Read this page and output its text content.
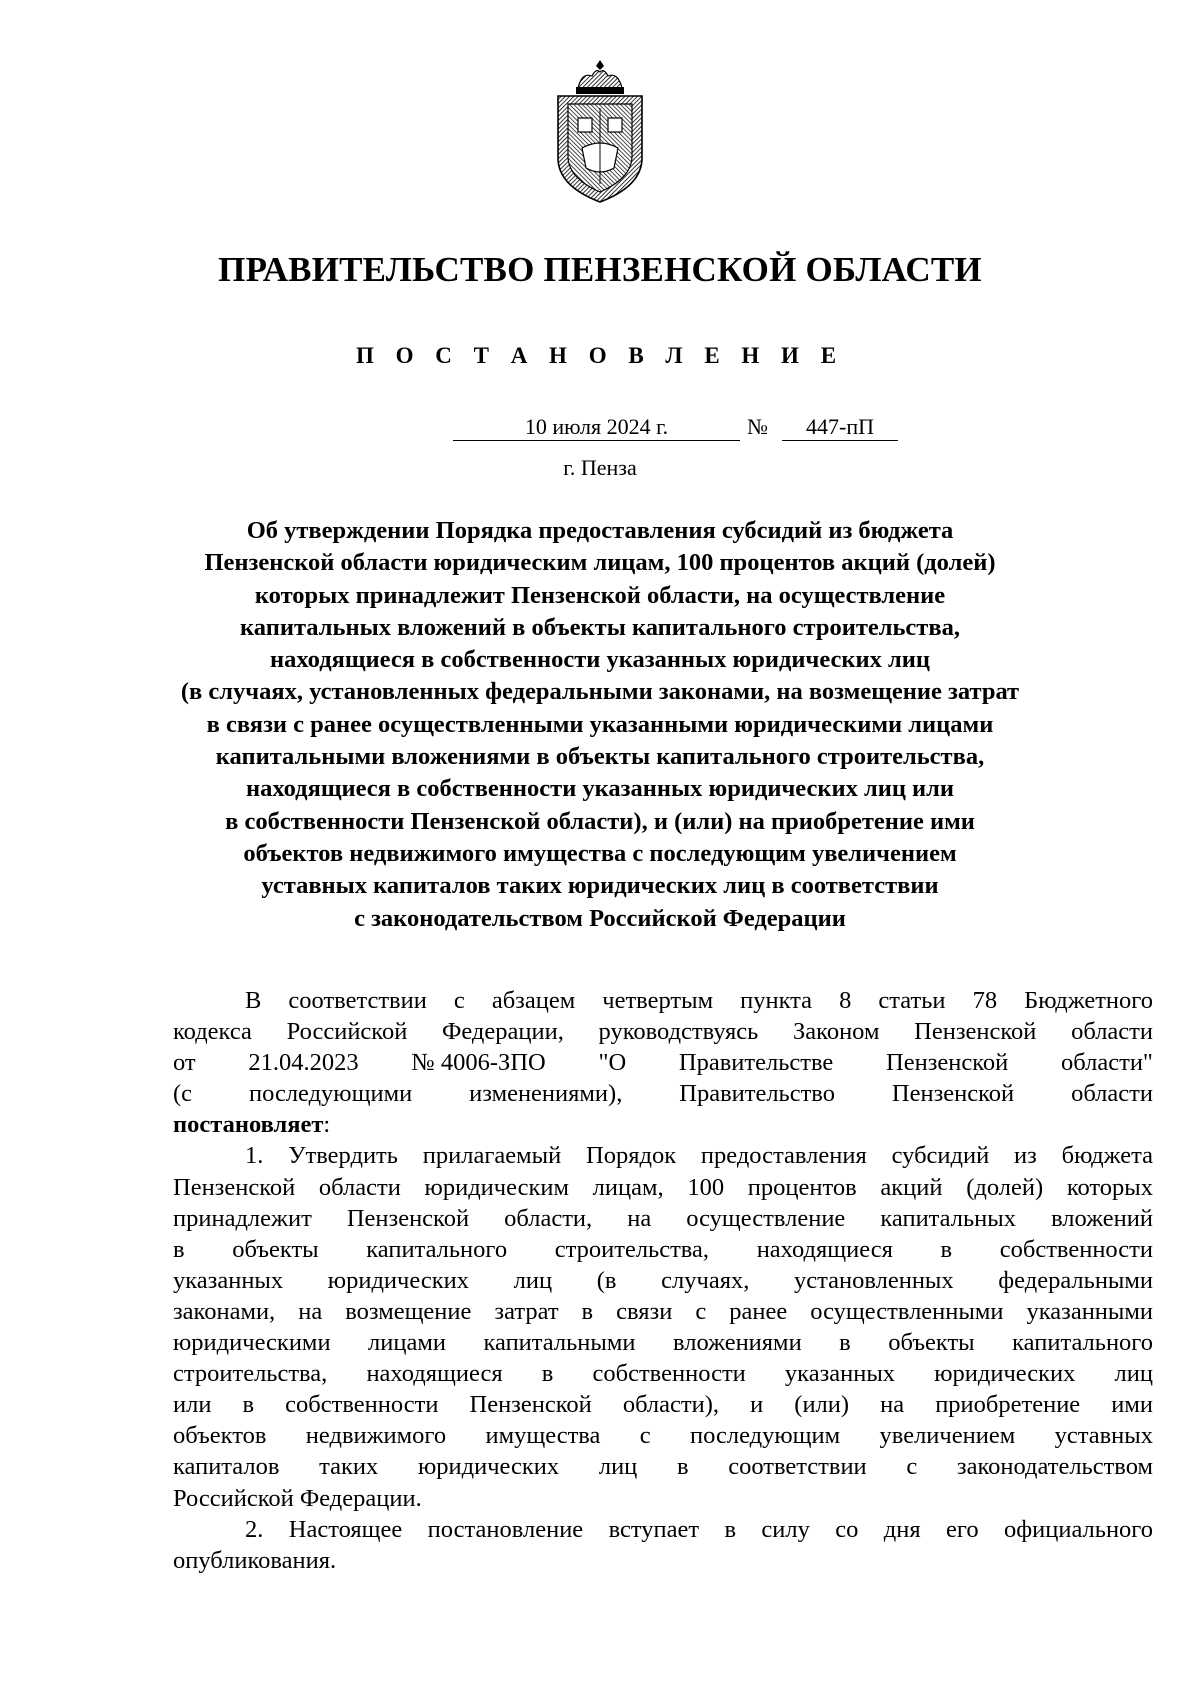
ПРАВИТЕЛЬСТВО ПЕНЗЕНСКОЙ ОБЛАСТИ
П О С Т А Н О В Л Е Н И Е
10 июля 2024 г.	№	447-пП
г. Пенза
Об утверждении Порядка предоставления субсидий из бюджета
Пензенской области юридическим лицам, 100 процентов акций (долей)
которых принадлежит Пензенской области, на осуществление
капитальных вложений в объекты капитального строительства,
находящиеся в собственности указанных юридических лиц
(в случаях, установленных федеральными законами, на возмещение затрат
в связи с ранее осуществленными указанными юридическими лицами
капитальными вложениями в объекты капитального строительства,
находящиеся в собственности указанных юридических лиц или
в собственности Пензенской области), и (или) на приобретение ими
объектов недвижимого имущества с последующим увеличением
уставных капиталов таких юридических лиц в соответствии
с законодательством Российской Федерации
В соответствии с абзацем четвертым пункта 8 статьи 78 Бюджетного
кодекса Российской Федерации, руководствуясь Законом Пензенской области
от 21.04.2023 № 4006-ЗПО "О Правительстве Пензенской области"
(с последующими изменениями), Правительство Пензенской области
постановляет:
1. Утвердить прилагаемый Порядок предоставления субсидий из бюджета
Пензенской области юридическим лицам, 100 процентов акций (долей) которых
принадлежит Пензенской области, на осуществление капитальных вложений
в объекты капитального строительства, находящиеся в собственности
указанных юридических лиц (в случаях, установленных федеральными
законами, на возмещение затрат в связи с ранее осуществленными указанными
юридическими лицами капитальными вложениями в объекты капитального
строительства, находящиеся в собственности указанных юридических лиц
или в собственности Пензенской области), и (или) на приобретение ими
объектов недвижимого имущества с последующим увеличением уставных
капиталов таких юридических лиц в соответствии с законодательством
Российской Федерации.
2. Настоящее постановление вступает в силу со дня его официального
опубликования.
